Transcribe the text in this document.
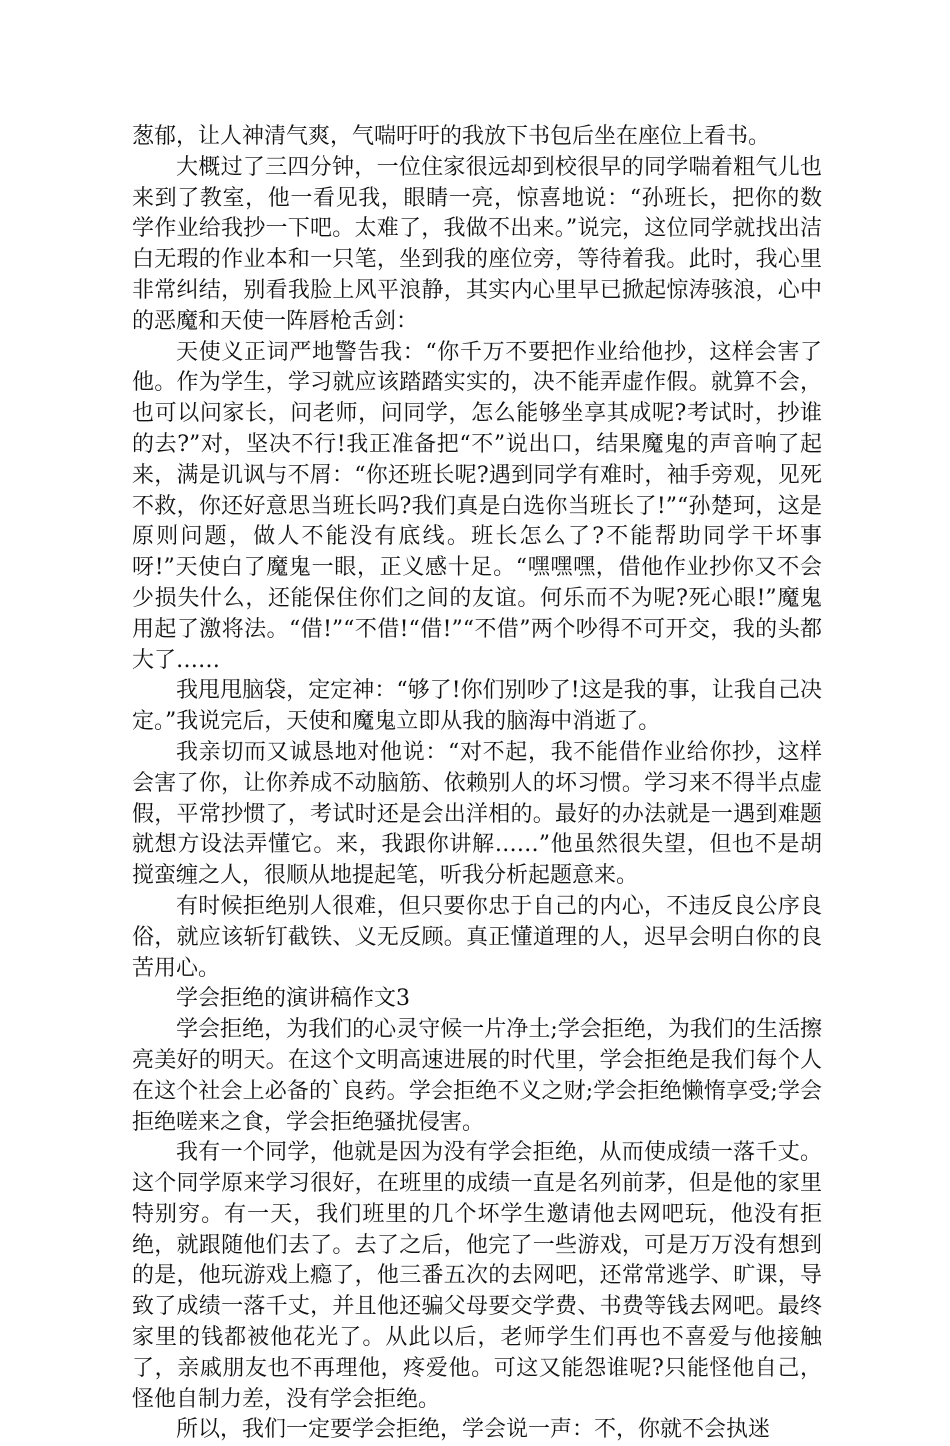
葱郁，让人神清气爽，气喘吁吁的我放下书包后坐在座位上看书。

大概过了三四分钟，一位住家很远却到校很早的同学喘着粗气儿也来到了教室，他一看见我，眼睛一亮，惊喜地说：“孙班长，把你的数学作业给我抄一下吧。太难了，我做不出来。”说完，这位同学就找出洁白无瑕的作业本和一只笔，坐到我的座位旁，等待着我。此时，我心里非常纠结，别看我脸上风平浪静，其实内心里早已掀起惊涛骇浪，心中的恶魔和天使一阵唇枪舌剑：

天使义正词严地警告我：“你千万不要把作业给他抄，这样会害了他。作为学生，学习就应该踏踏实实的，决不能弄虚作假。就算不会，也可以问家长，问老师，问同学，怎么能够坐享其成呢?考试时，抄谁的去?”对，坚决不行!我正准备把“不”说出口，结果魔鬼的声音响了起来，满是讥讽与不屑：“你还班长呢?遇到同学有难时，袖手旁观，见死不救，你还好意思当班长吗?我们真是白选你当班长了!”“孙楚珂，这是原则问题，做人不能没有底线。班长怎么了?不能帮助同学干坏事呀!”天使白了魔鬼一眼，正义感十足。“嘿嘿嘿，借他作业抄你又不会少损失什么，还能保住你们之间的友谊。何乐而不为呢?死心眼!”魔鬼用起了激将法。“借!”“不借!“借!”“不借”两个吵得不可开交，我的头都大了……

我甩甩脑袋，定定神：“够了!你们别吵了!这是我的事，让我自己决定。”我说完后，天使和魔鬼立即从我的脑海中消逝了。

我亲切而又诚恳地对他说：“对不起，我不能借作业给你抄，这样会害了你，让你养成不动脑筋、依赖别人的坏习惯。学习来不得半点虚假，平常抄惯了，考试时还是会出洋相的。最好的办法就是一遇到难题就想方设法弄懂它。来，我跟你讲解……”他虽然很失望，但也不是胡搅蛮缠之人，很顺从地提起笔，听我分析起题意来。

有时候拒绝别人很难，但只要你忠于自己的内心，不违反良公序良俗，就应该斩钉截铁、义无反顾。真正懂道理的人，迟早会明白你的良苦用心。

学会拒绝的演讲稿作文3

学会拒绝，为我们的心灵守候一片净土;学会拒绝，为我们的生活擦亮美好的明天。在这个文明高速进展的时代里，学会拒绝是我们每个人在这个社会上必备的`良药。学会拒绝不义之财;学会拒绝懒惰享受;学会拒绝嗟来之食，学会拒绝骚扰侵害。

我有一个同学，他就是因为没有学会拒绝，从而使成绩一落千丈。这个同学原来学习很好，在班里的成绩一直是名列前茅，但是他的家里特别穷。有一天，我们班里的几个坏学生邀请他去网吧玩，他没有拒绝，就跟随他们去了。去了之后，他完了一些游戏，可是万万没有想到的是，他玩游戏上瘾了，他三番五次的去网吧，还常常逃学、旷课，导致了成绩一落千丈，并且他还骗父母要交学费、书费等钱去网吧。最终家里的钱都被他花光了。从此以后，老师学生们再也不喜爱与他接触了，亲戚朋友也不再理他，疼爱他。可这又能怨谁呢?只能怪他自己，怪他自制力差，没有学会拒绝。

所以，我们一定要学会拒绝，学会说一声：不，你就不会执迷
